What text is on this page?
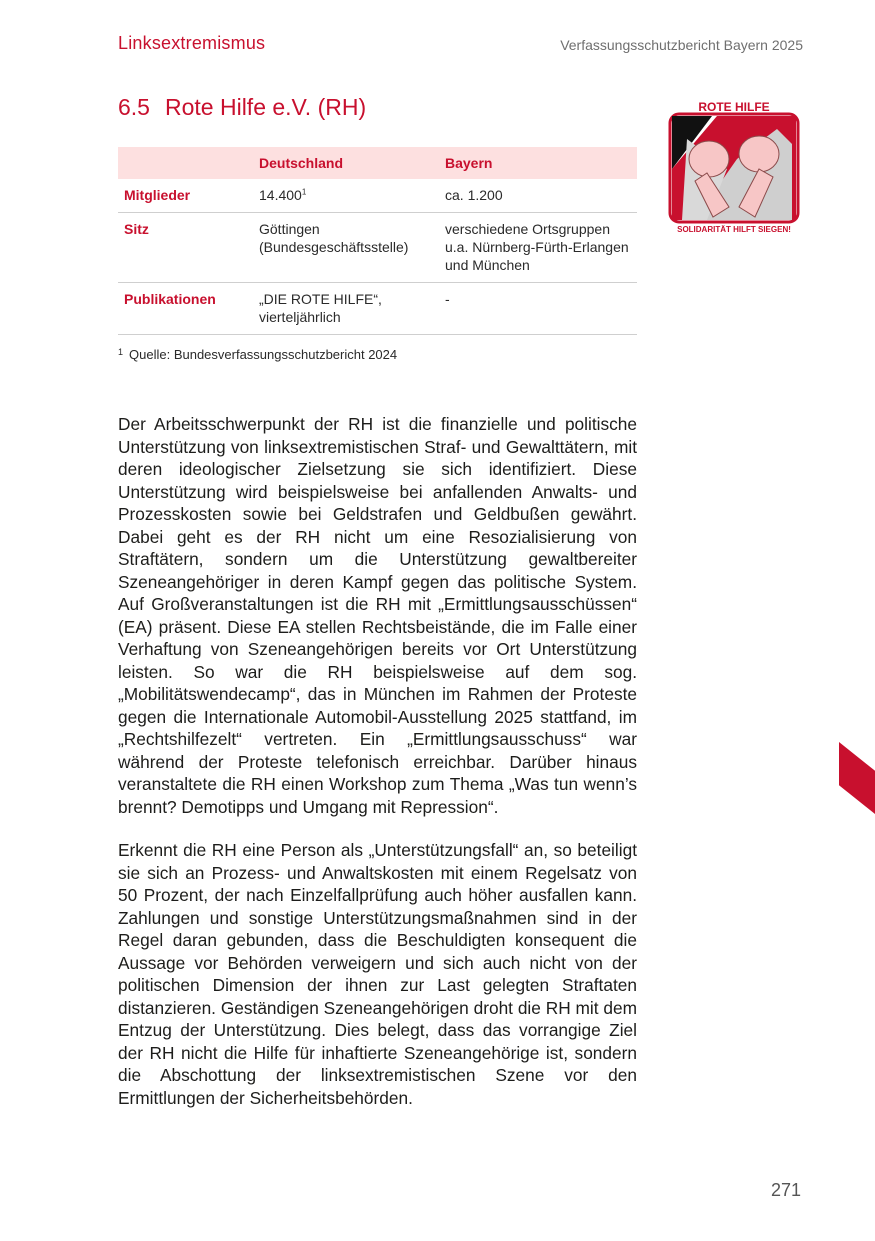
Linksextremismus	Verfassungsschutzbericht Bayern 2025
6.5 Rote Hilfe e.V. (RH)	ROTE HILFE
SOLIDARITÄT HILFT SIEGEN!
	Deutschland	Bayern
Mitglieder	14.400$^1$	ca. 1.200
Sitz	Göttingen (Bundesgeschäftsstelle)	verschiedene Ortsgruppen u.a. Nürnberg-Fürth-Erlangen und München
Publikationen	„DIE ROTE HILFE“, vierteljährlich	-
$^1$ Quelle: Bundesverfassungsschutzbericht 2024

Der Arbeitsschwerpunkt der RH ist die finanzielle und politische Unterstützung von linksextremistischen Straf- und Gewalttätern, mit deren ideologischer Zielsetzung sie sich identifiziert. Diese Unterstützung wird beispielsweise bei anfallenden Anwalts- und Prozesskosten sowie bei Geldstrafen und Geldbußen gewährt. Dabei geht es der RH nicht um eine Resozialisierung von Straftätern, sondern um die Unterstützung gewaltbereiter Szeneangehöriger in deren Kampf gegen das politische System. Auf Großveranstaltungen ist die RH mit „Ermittlungsausschüssen“ (EA) präsent. Diese EA stellen Rechtsbeistände, die im Falle einer Verhaftung von Szeneangehörigen bereits vor Ort Unterstützung leisten. So war die RH beispielsweise auf dem sog. „Mobilitätswendecamp“, das in München im Rahmen der Proteste gegen die Internationale Automobil-Ausstellung 2025 stattfand, im „Rechtshilfezelt“ vertreten. Ein „Ermittlungsausschuss“ war während der Proteste telefonisch erreichbar. Darüber hinaus veranstaltete die RH einen Workshop zum Thema „Was tun wenn’s brennt? Demotipps und Umgang mit Repression“.

Erkennt die RH eine Person als „Unterstützungsfall“ an, so beteiligt sie sich an Prozess- und Anwaltskosten mit einem Regelsatz von 50 Prozent, der nach Einzelfallprüfung auch höher ausfallen kann. Zahlungen und sonstige Unterstützungsmaßnahmen sind in der Regel daran gebunden, dass die Beschuldigten konsequent die Aussage vor Behörden verweigern und sich auch nicht von der politischen Dimension der ihnen zur Last gelegten Straftaten distanzieren. Geständigen Szeneangehörigen droht die RH mit dem Entzug der Unterstützung. Dies belegt, dass das vorrangige Ziel der RH nicht die Hilfe für inhaftierte Szeneangehörige ist, sondern die Abschottung der linksextremistischen Szene vor den Ermittlungen der Sicherheitsbehörden.

271
